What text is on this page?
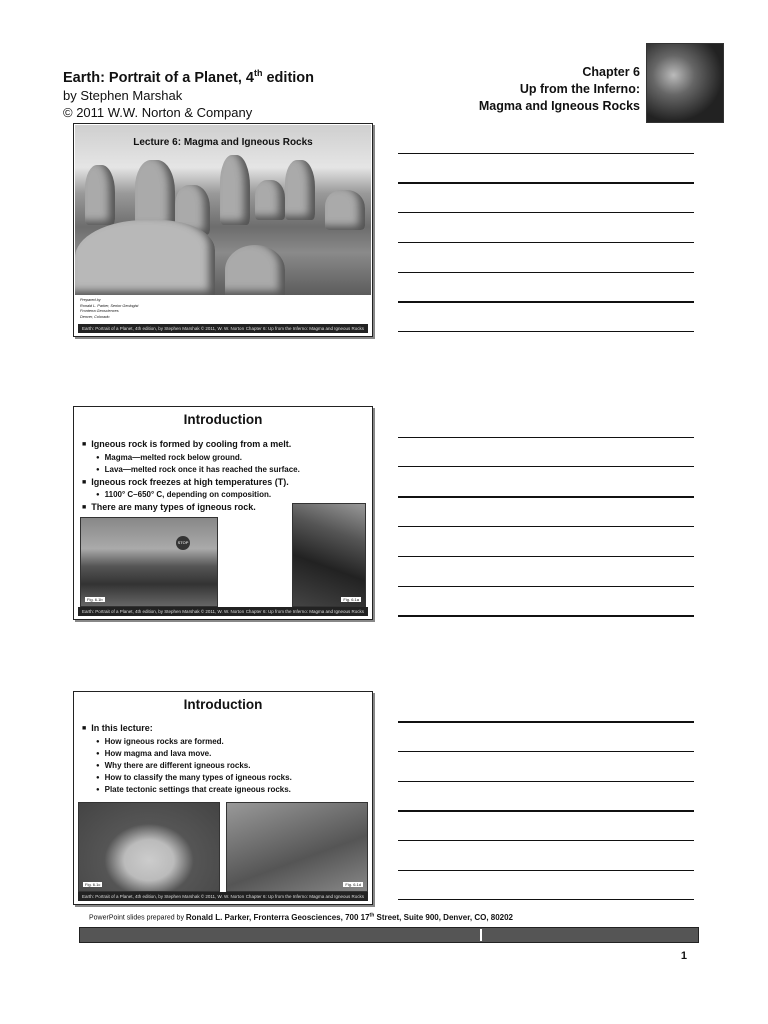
Earth: Portrait of a Planet, 4th edition
by Stephen Marshak
© 2011 W.W. Norton & Company
Chapter 6
Up from the Inferno:
Magma and Igneous Rocks
Lecture 6: Magma and Igneous Rocks
Prepared by
Ronald L. Parker, Senior Geologist
Fronterra Geosciences
Denver, Colorado
Earth: Portrait of a Planet, 4th edition, by Stephen Marshak © 2011, W. W. Norton Chapter 6: Up from the Inferno: Magma and Igneous Rocks
Introduction
■ Igneous rock is formed by cooling from a melt.
● Magma—melted rock below ground.
● Lava—melted rock once it has reached the surface.
■ Igneous rock freezes at high temperatures (T).
● 1100° C–650° C, depending on composition.
■ There are many types of igneous rock.
STOP
Fig. 6.1b	Fig. 6.1a
Earth: Portrait of a Planet, 4th edition, by Stephen Marshak © 2011, W. W. Norton Chapter 6: Up from the Inferno: Magma and Igneous Rocks
Introduction
■ In this lecture:
● How igneous rocks are formed.
● How magma and lava move.
● Why there are different igneous rocks.
● How to classify the many types of igneous rocks.
● Plate tectonic settings that create igneous rocks.
Fig. 6.1c	Fig. 6.1d
Earth: Portrait of a Planet, 4th edition, by Stephen Marshak © 2011, W. W. Norton Chapter 6: Up from the Inferno: Magma and Igneous Rocks
PowerPoint slides prepared by Ronald L. Parker, Fronterra Geosciences, 700 17th Street, Suite 900, Denver, CO, 80202
1
